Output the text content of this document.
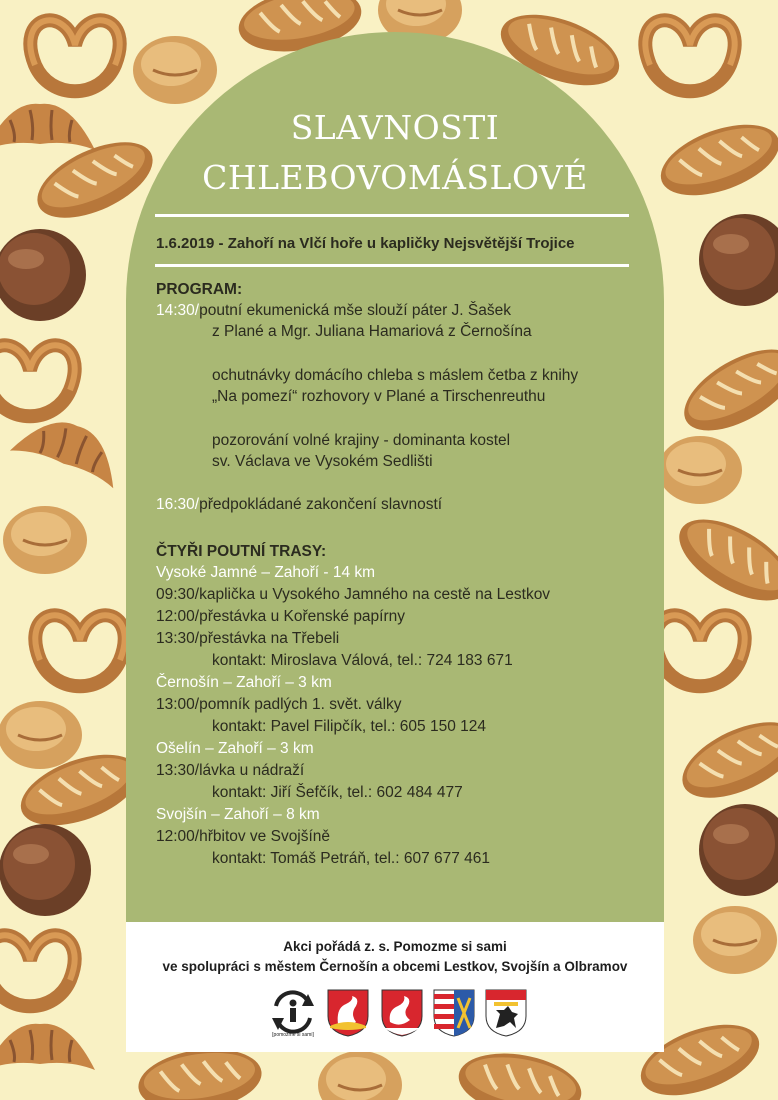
SLAVNOSTI
CHLEBOVOMÁSLOVÉ
1.6.2019 - Zahoří na Vlčí hoře u kapličky Nejsvětější Trojice
PROGRAM:
14:30/poutní ekumenická mše slouží páter J. Šašek
z Plané a Mgr. Juliana Hamariová z Černošína
ochutnávky domácího chleba s máslem četba z knihy
„Na pomezí“ rozhovory v Plané a Tirschenreuthu
pozorování volné krajiny - dominanta kostel
sv. Václava ve Vysokém Sedlišti
16:30/předpokládané zakončení slavností
ČTYŘI POUTNÍ TRASY:
Vysoké Jamné – Zahoří - 14 km
09:30/kaplička u Vysokého Jamného na cestě na Lestkov
12:00/přestávka u Kořenské papírny
13:30/přestávka na Třebeli
kontakt: Miroslava Válová, tel.: 724 183 671
Černošín – Zahoří – 3 km
13:00/pomník padlých 1. svět. války
kontakt: Pavel Filipčík, tel.: 605 150 124
Ošelín – Zahoří – 3 km
13:30/lávka u nádraží
kontakt: Jiří Šefčík, tel.: 602 484 477
Svojšín – Zahoří – 8 km
12:00/hřbitov ve Svojšíně
kontakt: Tomáš Petráň, tel.: 607 677 461
Akci pořádá z. s. Pomozme si sami
ve spolupráci s městem Černošín a obcemi Lestkov, Svojšín a Olbramov
[pomozme si sami]
